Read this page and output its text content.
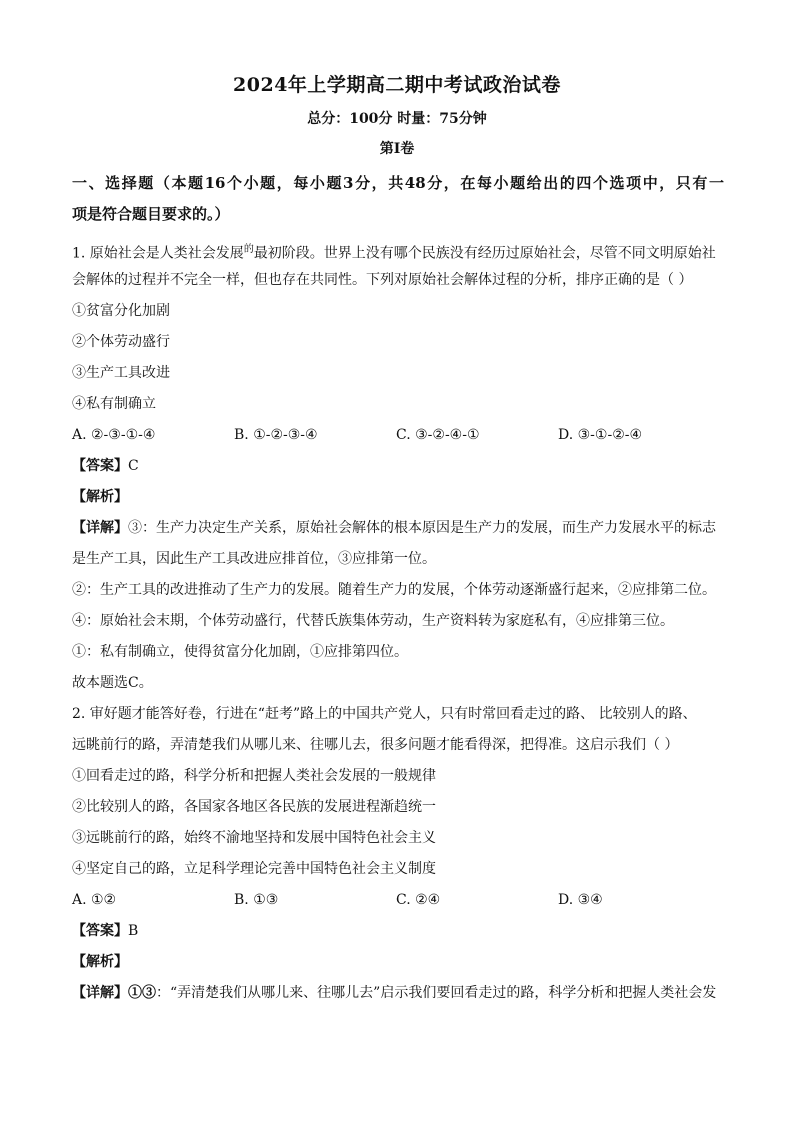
2024年上学期高二期中考试政治试卷
总分：100分 时量：75分钟
第Ⅰ卷
一、选择题（本题16个小题，每小题3分，共48分，在每小题给出的四个选项中，只有一
项是符合题目要求的。）
1. 原始社会是人类社会发展$^的$最初阶段。世界上没有哪个民族没有经历过原始社会，尽管不同文明原始社
会解体的过程并不完全一样，但也存在共同性。下列对原始社会解体过程的分析，排序正确的是（ ）
①贫富分化加剧
②个体劳动盛行
③生产工具改进
④私有制确立
A. ②-③-①-④	B. ①-②-③-④	C. ③-②-④-①	D. ③-①-②-④
【答案】C
【解析】
【详解】③：生产力决定生产关系，原始社会解体的根本原因是生产力的发展，而生产力发展水平的标志
是生产工具，因此生产工具改进应排首位，③应排第一位。
②：生产工具的改进推动了生产力的发展。随着生产力的发展，个体劳动逐渐盛行起来，②应排第二位。
④：原始社会末期，个体劳动盛行，代替氏族集体劳动，生产资料转为家庭私有，④应排第三位。
①：私有制确立，使得贫富分化加剧，①应排第四位。
故本题选C。
2. 审好题才能答好卷，行进在“赶考”路上的中国共产党人，只有时常回看走过的路、 比较别人的路、
远眺前行的路，弄清楚我们从哪儿来、往哪儿去，很多问题才能看得深，把得准。这启示我们（ ）
①回看走过的路，科学分析和把握人类社会发展的一般规律
②比较别人的路，各国家各地区各民族的发展进程渐趋统一
③远眺前行的路，始终不渝地坚持和发展中国特色社会主义
④坚定自己的路，立足科学理论完善中国特色社会主义制度
A. ①②	B. ①③	C. ②④	D. ③④
【答案】B
【解析】
【详解】①③：“弄清楚我们从哪儿来、往哪儿去”启示我们要回看走过的路，科学分析和把握人类社会发
